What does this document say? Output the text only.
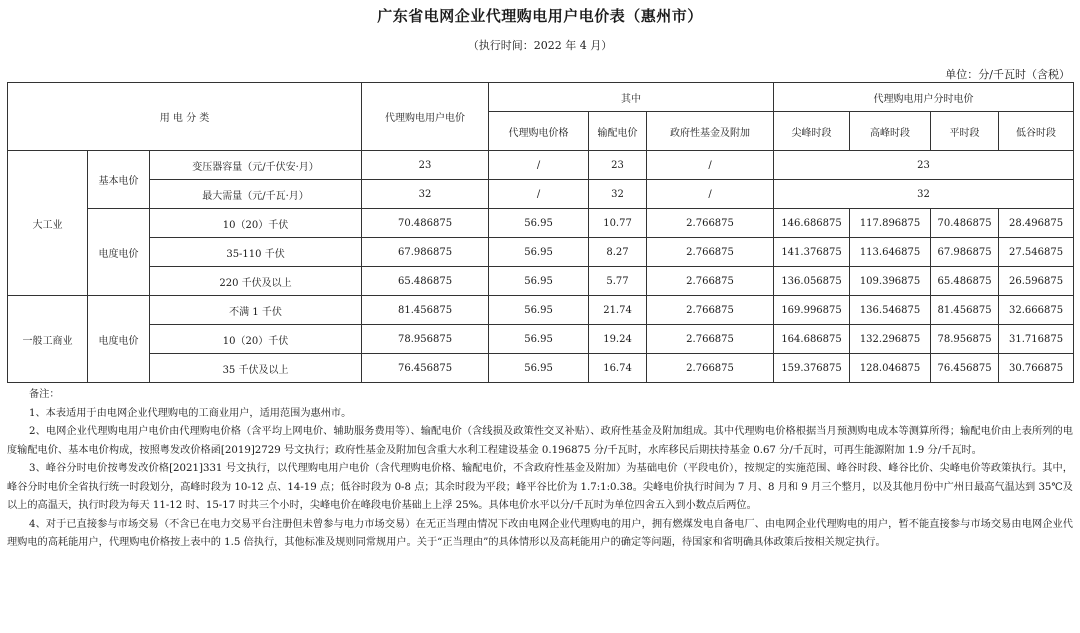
广东省电网企业代理购电用户电价表（惠州市）
（执行时间：2022 年 4 月）
单位：分/千瓦时（含税）
用 电 分 类			代理购电用户电价	其中			代理购电用户分时电价			
				代理购电价格	输配电价	政府性基金及附加	尖峰时段	高峰时段	平时段	低谷时段
大工业	基本电价	变压器容量（元/千伏安·月）	23	/	23	/	23			
		最大需量（元/千瓦·月）	32	/	32	/	32			
	电度电价	10（20）千伏	70.486875	56.95	10.77	2.766875	146.686875	117.896875	70.486875	28.496875
		35-110 千伏	67.986875	56.95	8.27	2.766875	141.376875	113.646875	67.986875	27.546875
		220 千伏及以上	65.486875	56.95	5.77	2.766875	136.056875	109.396875	65.486875	26.596875
一般工商业	电度电价	不满 1 千伏	81.456875	56.95	21.74	2.766875	169.996875	136.546875	81.456875	32.666875
		10（20）千伏	78.956875	56.95	19.24	2.766875	164.686875	132.296875	78.956875	31.716875
		35 千伏及以上	76.456875	56.95	16.74	2.766875	159.376875	128.046875	76.456875	30.766875

备注：

1、本表适用于由电网企业代理购电的工商业用户，适用范围为惠州市。

2、电网企业代理购电用户电价由代理购电价格（含平均上网电价、辅助服务费用等）、输配电价（含线损及政策性交叉补贴）、政府性基金及附加组成。其中代理购电价格根据当月预测购电成本等测算所得；输配电价由上表所列的电度输配电价、基本电价构成，按照粤发改价格函[2019]2729 号文执行；政府性基金及附加包含重大水利工程建设基金 0.196875 分/千瓦时，水库移民后期扶持基金 0.67 分/千瓦时，可再生能源附加 1.9 分/千瓦时。

3、峰谷分时电价按粤发改价格[2021]331 号文执行，以代理购电用户电价（含代理购电价格、输配电价，不含政府性基金及附加）为基础电价（平段电价），按规定的实施范围、峰谷时段、峰谷比价、尖峰电价等政策执行。其中，峰谷分时电价全省执行统一时段划分，高峰时段为 10-12 点、14-19 点；低谷时段为 0-8 点；其余时段为平段；峰平谷比价为 1.7:1:0.38。尖峰电价执行时间为 7 月、8 月和 9 月三个整月，以及其他月份中广州日最高气温达到 35℃及以上的高温天，执行时段为每天 11-12 时、15-17 时共三个小时，尖峰电价在峰段电价基础上上浮 25%。具体电价水平以分/千瓦时为单位四舍五入到小数点后两位。

4、对于已直接参与市场交易（不含已在电力交易平台注册但未曾参与电力市场交易）在无正当理由情况下改由电网企业代理购电的用户，拥有燃煤发电自备电厂、由电网企业代理购电的用户，暂不能直接参与市场交易由电网企业代理购电的高耗能用户，代理购电价格按上表中的 1.5 倍执行，其他标准及规则同常规用户。关于“正当理由”的具体情形以及高耗能用户的确定等问题，待国家和省明确具体政策后按相关规定执行。
